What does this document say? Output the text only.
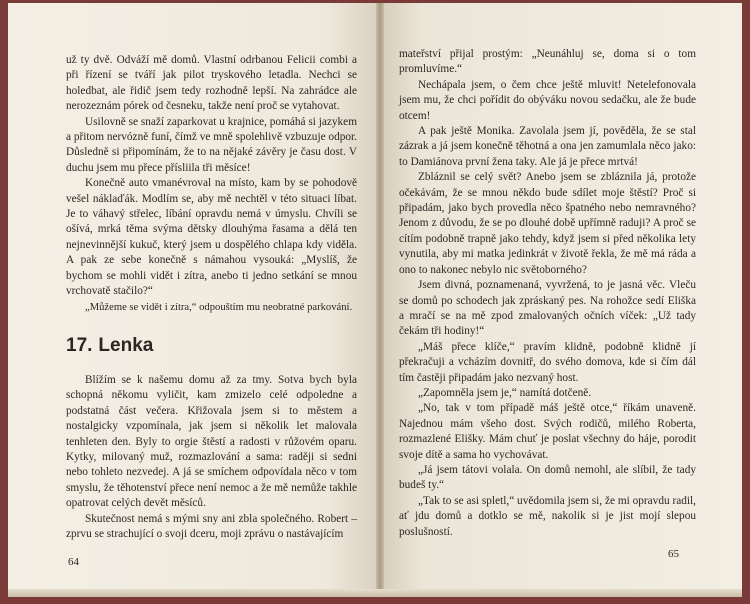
už ty dvě. Odváží mě domů. Vlastní odrbanou Felicii combi a při řízení se tváří jak pilot tryskového letadla. Nechci se holedbat, ale řidič jsem tedy rozhodně lepší. Na zahrádce ale nerozeznám pórek od česneku, takže není proč se vytahovat.

Usilovně se snaží zaparkovat u krajnice, pomáhá si jazykem a přitom nervózně funí, čímž ve mně spolehlivě vzbuzuje odpor. Důsledně si připomínám, že to na nějaké závěry je času dost. V duchu jsem mu přece přísliila tři měsíce!

Konečně auto vmanévroval na místo, kam by se pohodově vešel náklaďák. Modlím se, aby mě nechtěl v této situaci líbat. Je to váhavý střelec, líbání opravdu nemá v úmyslu. Chvíli se ošívá, mrká těma svýma dětsky dlouhýma řasama a dělá ten nejnevinnější kukuč, který jsem u dospělého chlapa kdy viděla. A pak ze sebe konečně s námahou vysouká: „Myslíš, že bychom se mohli vidět i zítra, anebo ti jedno setkání se mnou vrchovatě stačilo?“

„Můžeme se vidět i zítra,“ odpouštím mu neobratné parkování.

17. Lenka

Blížím se k našemu domu až za tmy. Sotva bych byla schopná někomu vyličit, kam zmizelo celé odpoledne a podstatná část večera. Křižovala jsem si to městem a nostalgicky vzpomínala, jak jsem si několik let malovala tenhleten den. Byly to orgie štěstí a radosti v růžovém oparu. Kytky, milovaný muž, rozmazlování a sama: raději si sedni nebo tohleto nezvedej. A já se smíchem odpovídala něco v tom smyslu, že těhotenství přece není nemoc a že mě nemůže takhle opatrovat celých devět měsíců.

Skutečnost nemá s mými sny ani zbla společného. Robert – zprvu se strachující o svoji dceru, moji zprávu o nastávajícím

64

mateřství přijal prostým: „Neunáhluj se, doma si o tom promluvíme.“

Nechápala jsem, o čem chce ještě mluvit! Netelefonovala jsem mu, že chci pořídit do obýváku novou sedačku, ale že bude otcem!

A pak ještě Monika. Zavolala jsem jí, pověděla, že se stal zázrak a já jsem konečně těhotná a ona jen zamumlala něco jako: to Damiánova první žena taky. Ale já je přece mrtvá!

Zbláznil se celý svět? Anebo jsem se zbláznila já, protože očekávám, že se mnou někdo bude sdílet moje štěstí? Proč si připadám, jako bych provedla něco špatného nebo nemravného? Jenom z důvodu, že se po dlouhé době upřímně raduji? A proč se cítím podobně trapně jako tehdy, když jsem si před několika lety vynutila, aby mi matka jedinkrát v životě řekla, že mě má ráda a ono to nakonec nebylo nic světoborného?

Jsem divná, poznamenaná, vyvržená, to je jasná věc. Vleču se domů po schodech jak zpráskaný pes. Na rohožce sedí Eliška a mračí se na mě zpod zmalovaných očních víček: „Už tady čekám tři hodiny!“

„Máš přece klíče,“ pravím klidně, podobně klidně jí překračuji a vcházím dovnitř, do svého domova, kde si čím dál tím častěji připadám jako nezvaný host.

„Zapomněla jsem je,“ namítá dotčeně.

„No, tak v tom případě máš ještě otce,“ říkám unaveně. Najednou mám všeho dost. Svých rodičů, milého Roberta, rozmazlené Elišky. Mám chuť je poslat všechny do háje, porodit svoje dítě a sama ho vychovávat.

„Já jsem tátovi volala. On domů nemohl, ale slíbil, že tady budeš ty.“

„Tak to se asi spletl,“ uvědomila jsem si, že mi opravdu radil, ať jdu domů a dotklo se mě, nakolik si je jist mojí slepou poslušností.

65
